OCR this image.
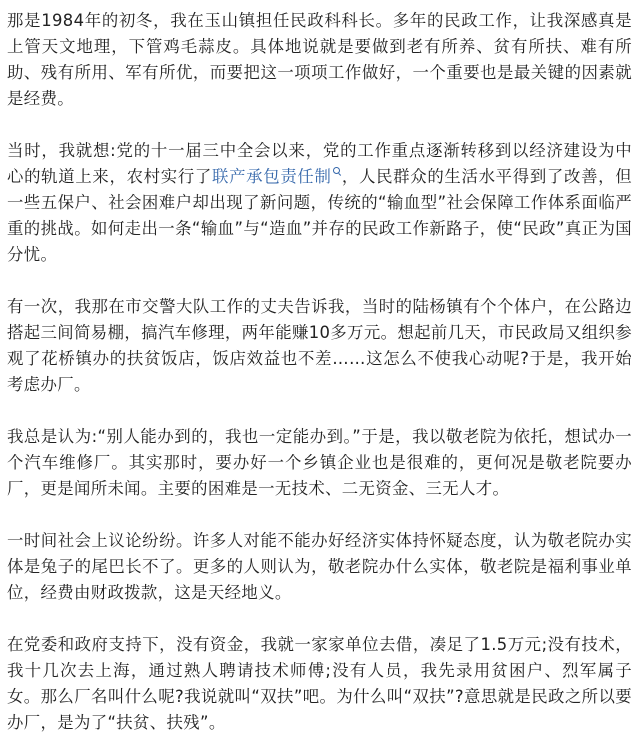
那是1984年的初冬，我在玉山镇担任民政科科长。多年的民政工作，让我深感真是上管天文地理，下管鸡毛蒜皮。具体地说就是要做到老有所养、贫有所扶、难有所助、残有所用、军有所优，而要把这一项项工作做好，一个重要也是最关键的因素就是经费。

当时，我就想:党的十一届三中全会以来，党的工作重点逐渐转移到以经济建设为中心的轨道上来，农村实行了联产承包责任制 ，人民群众的生活水平得到了改善，但一些五保户、社会困难户却出现了新问题，传统的“输血型”社会保障工作体系面临严重的挑战。如何走出一条“输血”与“造血”并存的民政工作新路子，使“民政”真正为国分忧。

有一次，我那在市交警大队工作的丈夫告诉我，当时的陆杨镇有个个体户，在公路边搭起三间简易棚，搞汽车修理，两年能赚10多万元。想起前几天，市民政局又组织参观了花桥镇办的扶贫饭店，饭店效益也不差……这怎么不使我心动呢?于是，我开始考虑办厂。

我总是认为:“别人能办到的，我也一定能办到。”于是，我以敬老院为依托，想试办一个汽车维修厂。其实那时，要办好一个乡镇企业也是很难的，更何况是敬老院要办厂，更是闻所未闻。主要的困难是一无技术、二无资金、三无人才。

一时间社会上议论纷纷。许多人对能不能办好经济实体持怀疑态度，认为敬老院办实体是兔子的尾巴长不了。更多的人则认为，敬老院办什么实体，敬老院是福利事业单位，经费由财政拨款，这是天经地义。

在党委和政府支持下，没有资金，我就一家家单位去借，凑足了1.5万元;没有技术，我十几次去上海，通过熟人聘请技术师傅;没有人员，我先录用贫困户、烈军属子女。那么厂名叫什么呢?我说就叫“双扶”吧。为什么叫“双扶”?意思就是民政之所以要办厂，是为了“扶贫、扶残”。
